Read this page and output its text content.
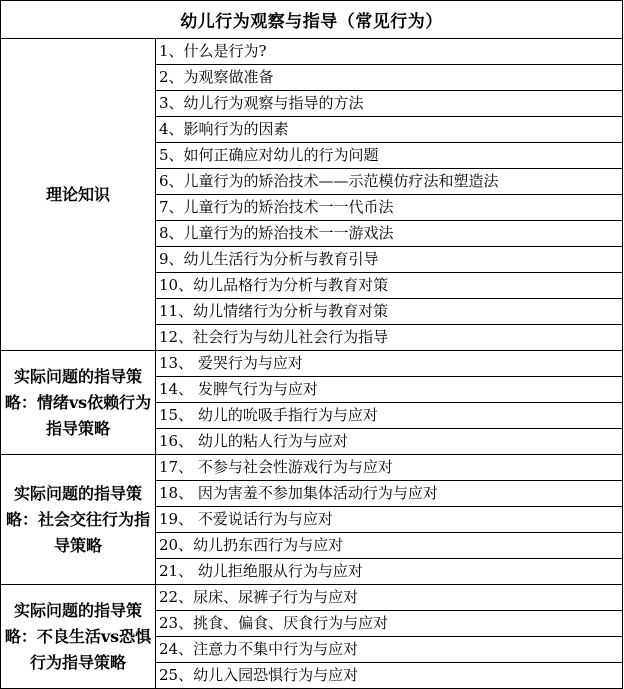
幼儿行为观察与指导（常见行为）	
理论知识	1、什么是行为?
	2、为观察做准备
	3、幼儿行为观察与指导的方法
	4、影响行为的因素
	5、如何正确应对幼儿的行为问题
	6、儿童行为的矫治技术——示范模仿疗法和塑造法
	7、儿童行为的矫治技术一一代币法
	8、儿童行为的矫治技术一一游戏法
	9、幼儿生活行为分析与教育引导
	10、幼儿品格行为分析与教育对策
	11、幼儿情绪行为分析与教育对策
	12、社会行为与幼儿社会行为指导
实际问题的指导策略：情绪vs依赖行为指导策略	13、 爱哭行为与应对
	14、 发脾气行为与应对
	15、 幼儿的吮吸手指行为与应对
	16、 幼儿的粘人行为与应对
实际问题的指导策略：社会交往行为指导策略	17、 不参与社会性游戏行为与应对
	18、 因为害羞不参加集体活动行为与应对
	19、 不爱说话行为与应对
	20、幼儿扔东西行为与应对
	21、 幼儿拒绝服从行为与应对
实际问题的指导策略：不良生活vs恐惧行为指导策略	22、尿床、尿裤子行为与应对
	23、挑食、偏食、厌食行为与应对
	24、注意力不集中行为与应对
	25、幼儿入园恐惧行为与应对
